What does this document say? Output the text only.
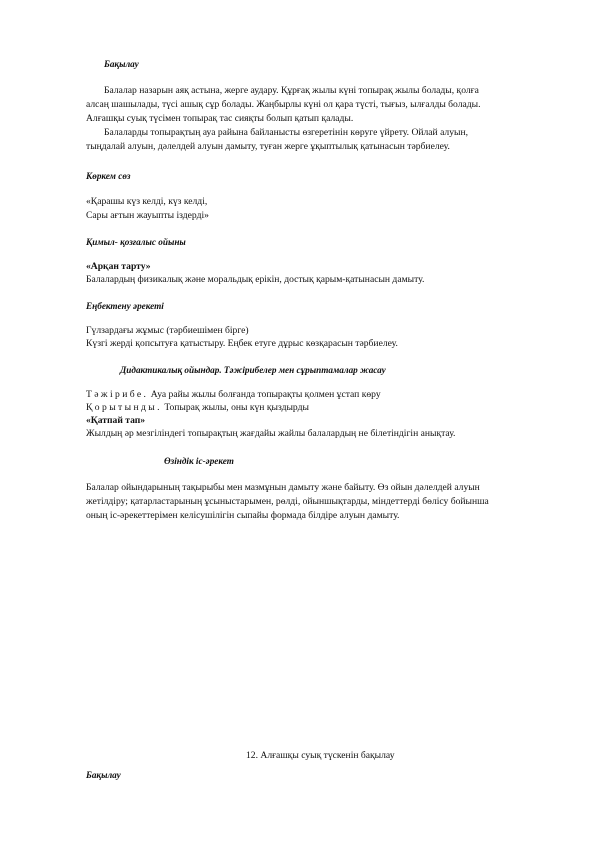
Бақылау
Балалар назарын аяқ астына, жерге аудару. Құрғақ жылы күні топырақ жылы болады, қолға
алсаң шашылады, түсі ашық сұр болады. Жаңбырлы күні ол қара түсті, тығыз, ылғалды болады.
Алғашқы суық түсімен топырақ тас сияқты болып қатып қалады.
Балаларды топырақтың ауа райына байланысты өзгеретінін көруге үйрету. Ойлай алуын,
тыңдалай алуын, дәлелдей алуын дамыту, туған жерге ұқыптылық қатынасын тәрбиелеу.
Көркем сөз
«Қарашы күз келді, күз келді,
Сары ағтын жауыпты іздерді»
Қимыл- қозғалыс ойыны
«Арқан тарту»
Балалардың физикалық және моральдық ерікін, достық қарым-қатынасын дамыту.
Еңбектену әрекеті
Гүлзардағы жұмыс (тәрбиешімен бірге)
Күзгі жерді қопсытуға қатыстыру. Еңбек етуге дұрыс көзқарасын тәрбиелеу.
Дидактикалық ойындар. Тәжірибелер мен сұрыптамалар жасау
Тәжірибе. Ауа райы жылы болғанда топырақты қолмен ұстап көру
Қорытынды. Топырақ жылы, оны күн қыздырды
«Қатпай тап»
Жылдың әр мезгіліндегі топырақтың жағдайы жайлы балалардың не білетіндігін анықтау.
Өзіндік іс-әрекет
Балалар ойындарының тақырыбы мен мазмұнын дамыту және байыту. Өз ойын дәлелдей алуын
жетілдіру; қатарластарының ұсыныстарымен, рөлді, ойыншықтарды, міндеттерді бөлісу бойынша
оның іс-әрекеттерімен келісушілігін сыпайы формада білдіре алуын дамыту.
12. Алғашқы суық түскенін бақылау
Бақылау
